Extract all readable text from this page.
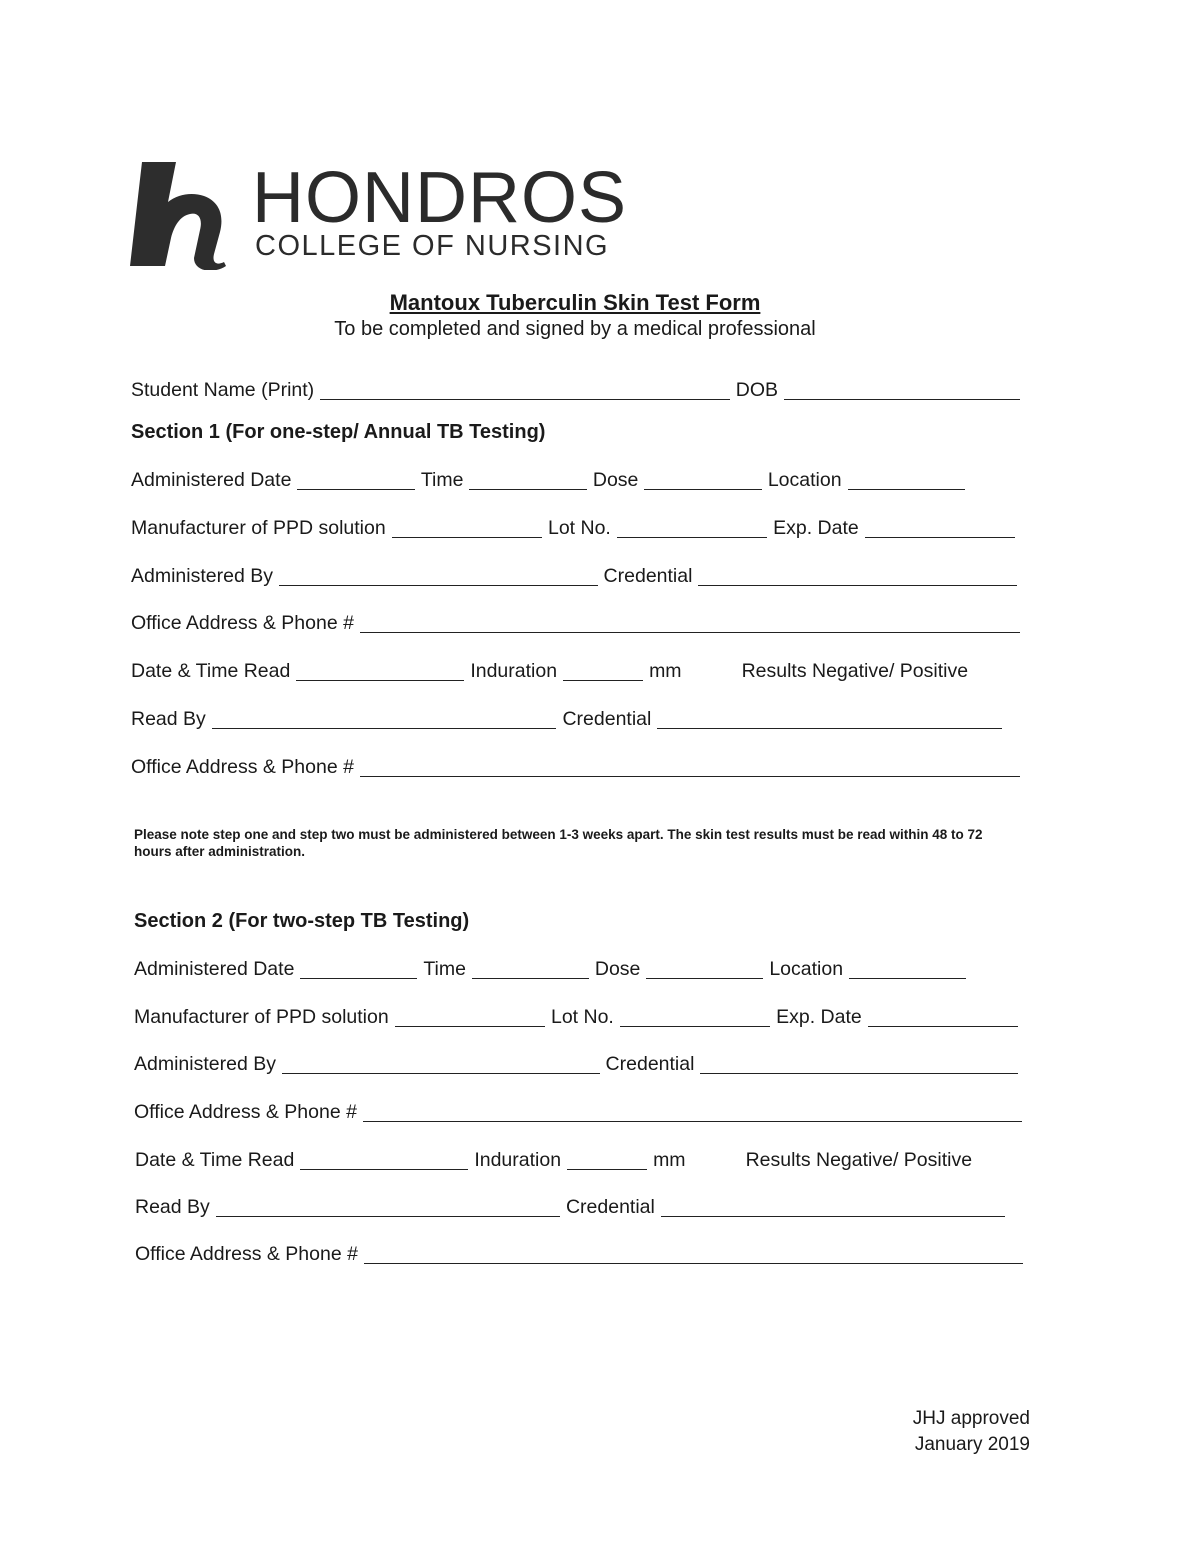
HONDROS
COLLEGE OF NURSING
Mantoux Tuberculin Skin Test Form
To be completed and signed by a medical professional
Student Name (Print)	DOB
Section 1 (For one-step/ Annual TB Testing)
Administered Date	Time	Dose	Location
Manufacturer of PPD solution	Lot No.	Exp. Date
Administered By	Credential
Office Address & Phone #
Date & Time Read	Induration	mm	Results Negative/ Positive
Read By	Credential
Office Address & Phone #
Please note step one and step two must be administered between 1-3 weeks apart. The skin test results must be read within 48 to 72 hours after administration.
Section 2 (For two-step TB Testing)
Administered Date	Time	Dose	Location
Manufacturer of PPD solution	Lot No.	Exp. Date
Administered By	Credential
Office Address & Phone #
Date & Time Read	Induration	mm	Results Negative/ Positive
Read By	Credential
Office Address & Phone #
JHJ approved
January 2019
